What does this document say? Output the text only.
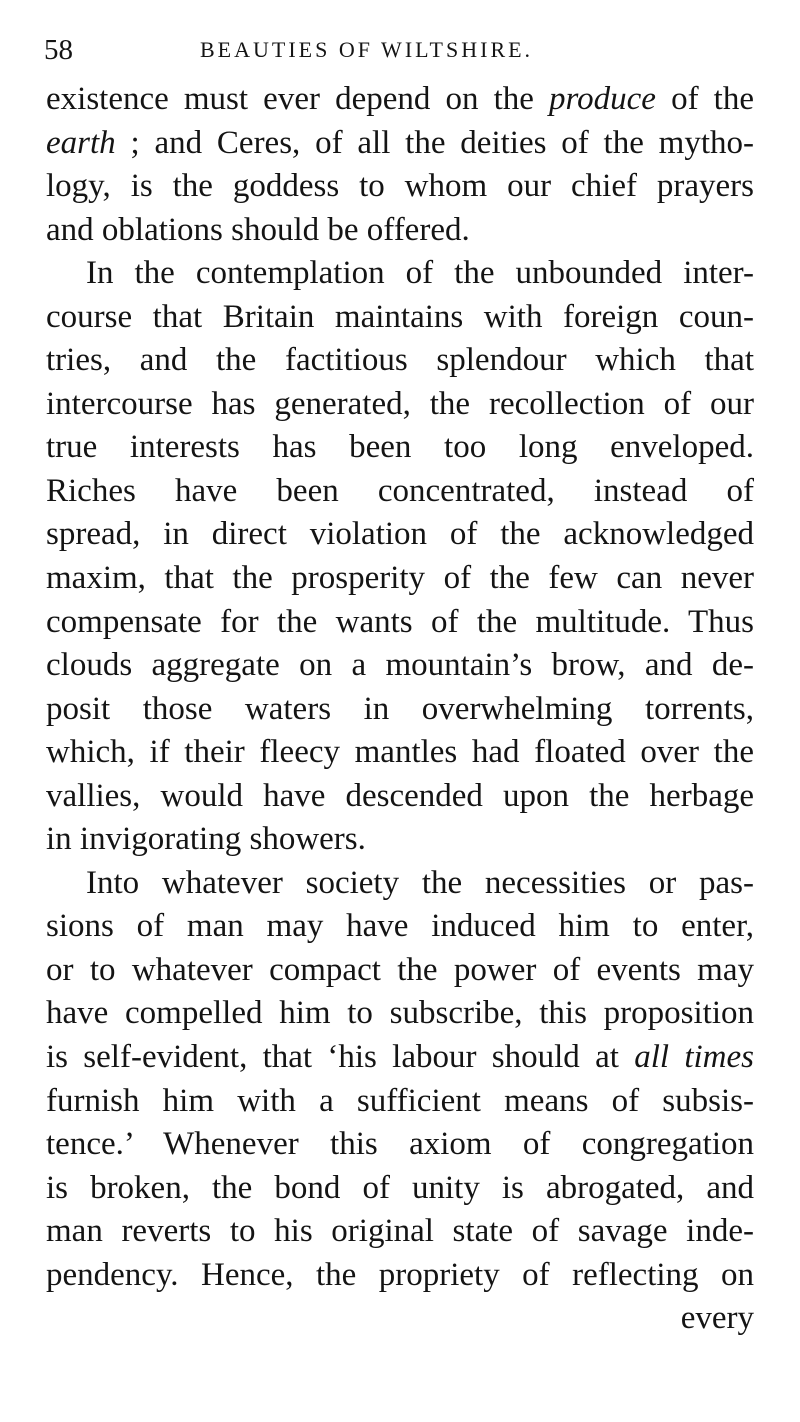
58	BEAUTIES OF WILTSHIRE.
existence must ever depend on the produce of the
earth ; and Ceres, of all the deities of the mytho-
logy, is the goddess to whom our chief prayers
and oblations should be offered.
In the contemplation of the unbounded inter-
course that Britain maintains with foreign coun-
tries, and the factitious splendour which that
intercourse has generated, the recollection of our
true interests has been too long enveloped.
Riches have been concentrated, instead of
spread, in direct violation of the acknowledged
maxim, that the prosperity of the few can never
compensate for the wants of the multitude. Thus
clouds aggregate on a mountain’s brow, and de-
posit those waters in overwhelming torrents,
which, if their fleecy mantles had floated over the
vallies, would have descended upon the herbage
in invigorating showers.
Into whatever society the necessities or pas-
sions of man may have induced him to enter,
or to whatever compact the power of events may
have compelled him to subscribe, this proposition
is self-evident, that ‘his labour should at all times
furnish him with a sufficient means of subsis-
tence.’ Whenever this axiom of congregation
is broken, the bond of unity is abrogated, and
man reverts to his original state of savage inde-
pendency. Hence, the propriety of reflecting on
every
